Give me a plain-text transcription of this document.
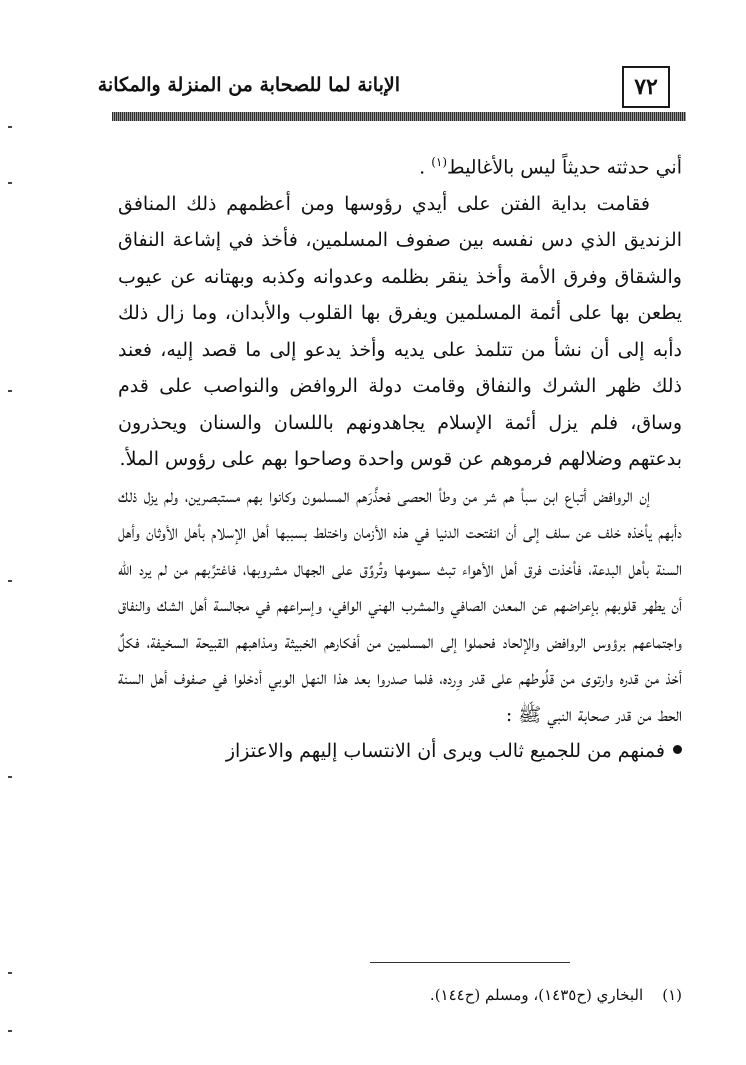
٧٢
الإبانة لما للصحابة من المنزلة والمكانة

أني حدثته حديثاً ليس بالأغاليط$^{(١)}$ .

فقامت بداية الفتن على أيدي رؤوسها ومن أعظمهم ذلك المنافق الزنديق الذي دس نفسه بين صفوف المسلمين، فأخذ في إشاعة النفاق والشقاق وفرق الأمة وأخذ ينقر بظلمه وعدوانه وكذبه وبهتانه عن عيوب يطعن بها على أئمة المسلمين ويفرق بها القلوب والأبدان، وما زال ذلك دأبه إلى أن نشأ من تتلمذ على يديه وأخذ يدعو إلى ما قصد إليه، فعند ذلك ظهر الشرك والنفاق وقامت دولة الروافض والنواصب على قدم وساق، فلم يزل أئمة الإسلام يجاهدونهم باللسان والسنان ويحذرون بدعتهم وضلالهم فرموهم عن قوس واحدة وصاحوا بهم على رؤوس الملأ.

إن الروافض أتباع ابن سبأ هم شر من وطأ الحصى فحذَّرَهم المسلمون وكانوا بهم مستبصرين، ولم يزل ذلك دأبهم يأخذه خلف عن سلف إلى أن انفتحت الدنيا في هذه الأزمان واختلط بسببها أهل الإسلام بأهل الأوثان وأهل السنة بأهل البدعة، فأخذت فرق أهل الأهواء تبث سمومها وتُروِّق على الجهال مشروبها، فاغترَّبهم من لم يرد الله أن يطهر قلوبهم بإعراضهم عن المعدن الصافي والمشرب الهني الوافي، وإسراعهم في مجالسة أهل الشك والنفاق واجتماعهم برؤوس الروافض والإلحاد فحملوا إلى المسلمين من أفكارهم الخبيثة ومذاهبهم القبيحة السخيفة، فكلٌ أخذ من قدره وارتوى من قلُوطهم على قدر وِرده، فلما صدروا بعد هذا النهل الوبي أدخلوا في صفوف أهل السنة الحط من قدر صحابة النبي ﷺ :

فمنهم من للجميع ثالب ويرى أن الانتساب إليهم والاعتزاز
(١)    البخاري (ح١٤٣٥)، ومسلم (ح١٤٤).
